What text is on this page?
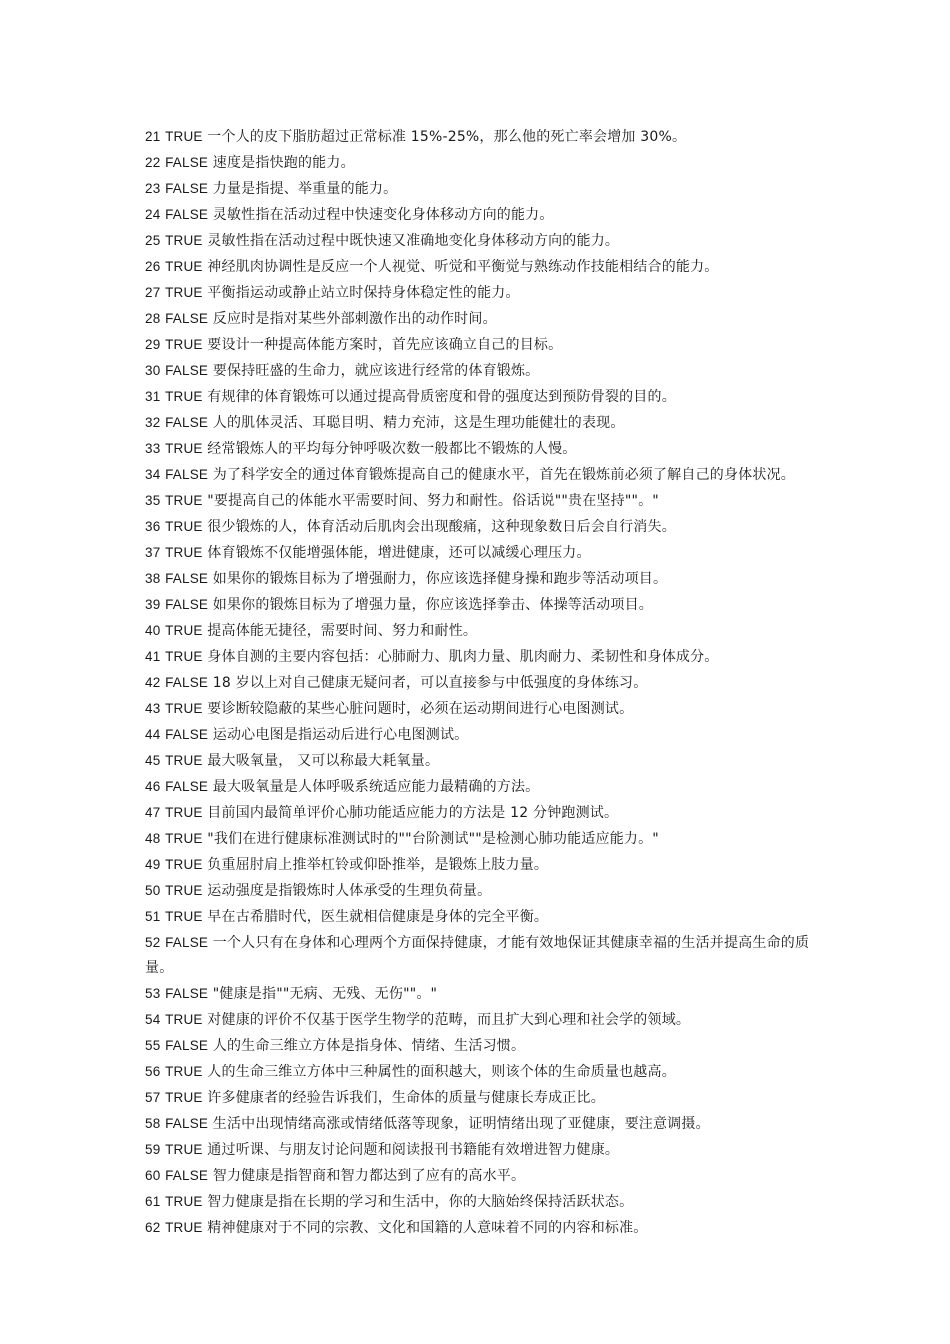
21 TRUE 一个人的皮下脂肪超过正常标准 15%-25%，那么他的死亡率会增加 30%。

22 FALSE 速度是指快跑的能力。

23 FALSE 力量是指提、举重量的能力。

24 FALSE 灵敏性指在活动过程中快速变化身体移动方向的能力。

25 TRUE 灵敏性指在活动过程中既快速又准确地变化身体移动方向的能力。

26 TRUE 神经肌肉协调性是反应一个人视觉、听觉和平衡觉与熟练动作技能相结合的能力。

27 TRUE 平衡指运动或静止站立时保持身体稳定性的能力。

28 FALSE 反应时是指对某些外部刺激作出的动作时间。

29 TRUE 要设计一种提高体能方案时，首先应该确立自己的目标。

30 FALSE 要保持旺盛的生命力，就应该进行经常的体育锻炼。

31 TRUE 有规律的体育锻炼可以通过提高骨质密度和骨的强度达到预防骨裂的目的。

32 FALSE 人的肌体灵活、耳聪目明、精力充沛，这是生理功能健壮的表现。

33 TRUE 经常锻炼人的平均每分钟呼吸次数一般都比不锻炼的人慢。

34 FALSE 为了科学安全的通过体育锻炼提高自己的健康水平，首先在锻炼前必须了解自己的身体状况。

35 TRUE "要提高自己的体能水平需要时间、努力和耐性。俗话说""贵在坚持""。"

36 TRUE 很少锻炼的人，体育活动后肌肉会出现酸痛，这种现象数日后会自行消失。

37 TRUE 体育锻炼不仅能增强体能，增进健康，还可以减缓心理压力。

38 FALSE 如果你的锻炼目标为了增强耐力，你应该选择健身操和跑步等活动项目。

39 FALSE 如果你的锻炼目标为了增强力量，你应该选择拳击、体操等活动项目。

40 TRUE 提高体能无捷径，需要时间、努力和耐性。

41 TRUE 身体自测的主要内容包括：心肺耐力、肌肉力量、肌肉耐力、柔韧性和身体成分。

42 FALSE 18 岁以上对自己健康无疑问者，可以直接参与中低强度的身体练习。

43 TRUE 要诊断较隐蔽的某些心脏问题时，必须在运动期间进行心电图测试。

44 FALSE 运动心电图是指运动后进行心电图测试。

45 TRUE 最大吸氧量， 又可以称最大耗氧量。

46 FALSE 最大吸氧量是人体呼吸系统适应能力最精确的方法。

47 TRUE 目前国内最简单评价心肺功能适应能力的方法是 12 分钟跑测试。

48 TRUE "我们在进行健康标准测试时的""台阶测试""是检测心肺功能适应能力。"

49 TRUE 负重屈肘肩上推举杠铃或仰卧推举，是锻炼上肢力量。

50 TRUE 运动强度是指锻炼时人体承受的生理负荷量。

51 TRUE 早在古希腊时代，医生就相信健康是身体的完全平衡。

52 FALSE 一个人只有在身体和心理两个方面保持健康，才能有效地保证其健康幸福的生活并提高生命的质量。

53 FALSE "健康是指""无病、无残、无伤""。"

54 TRUE 对健康的评价不仅基于医学生物学的范畴，而且扩大到心理和社会学的领域。

55 FALSE 人的生命三维立方体是指身体、情绪、生活习惯。

56 TRUE 人的生命三维立方体中三种属性的面积越大，则该个体的生命质量也越高。

57 TRUE 许多健康者的经验告诉我们，生命体的质量与健康长寿成正比。

58 FALSE 生活中出现情绪高涨或情绪低落等现象，证明情绪出现了亚健康，要注意调摄。

59 TRUE 通过听课、与朋友讨论问题和阅读报刊书籍能有效增进智力健康。

60 FALSE 智力健康是指智商和智力都达到了应有的高水平。

61 TRUE 智力健康是指在长期的学习和生活中，你的大脑始终保持活跃状态。

62 TRUE 精神健康对于不同的宗教、文化和国籍的人意味着不同的内容和标准。
